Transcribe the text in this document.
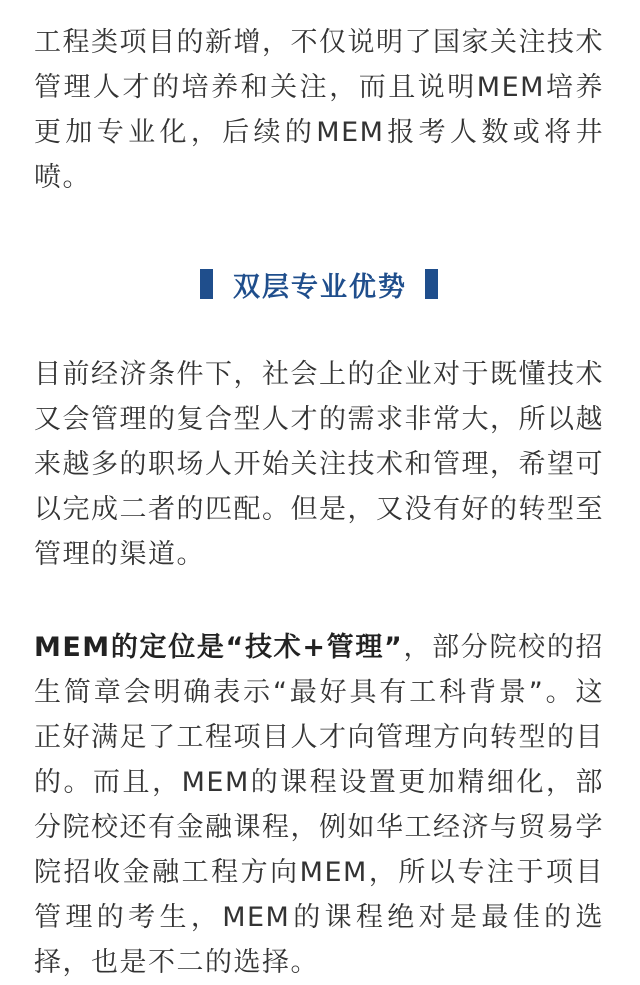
工程类项目的新增，不仅说明了国家关注技术管理人才的培养和关注，而且说明MEM培养更加专业化，后续的MEM报考人数或将井喷。

双层专业优势

目前经济条件下，社会上的企业对于既懂技术又会管理的复合型人才的需求非常大，所以越来越多的职场人开始关注技术和管理，希望可以完成二者的匹配。但是，又没有好的转型至管理的渠道。

MEM的定位是“技术+管理”，部分院校的招生简章会明确表示“最好具有工科背景”。这正好满足了工程项目人才向管理方向转型的目的。而且，MEM的课程设置更加精细化，部分院校还有金融课程，例如华工经济与贸易学院招收金融工程方向MEM，所以专注于项目管理的考生，MEM的课程绝对是最佳的选择，也是不二的选择。
